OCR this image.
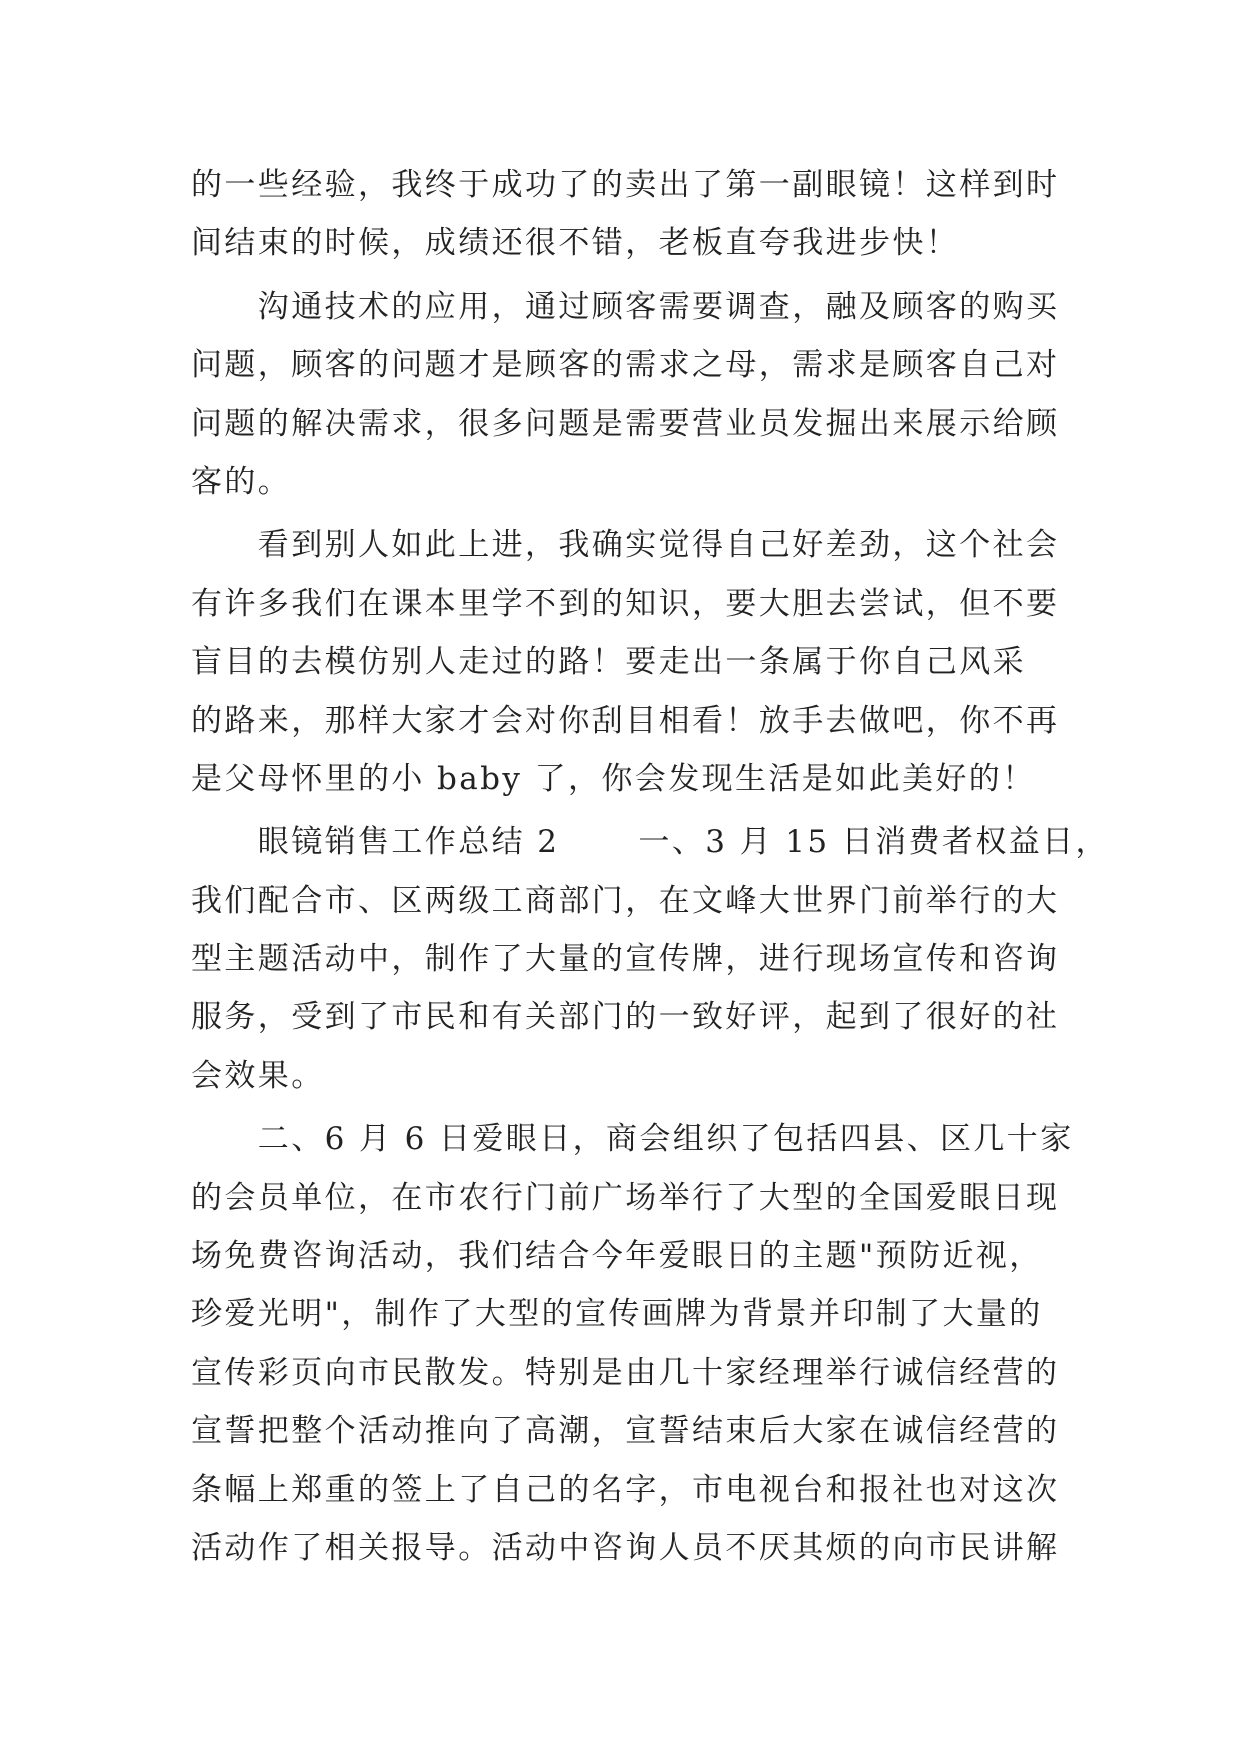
的一些经验，我终于成功了的卖出了第一副眼镜！这样到时
间结束的时候，成绩还很不错，老板直夸我进步快！
　　沟通技术的应用，通过顾客需要调查，融及顾客的购买
问题，顾客的问题才是顾客的需求之母，需求是顾客自己对
问题的解决需求，很多问题是需要营业员发掘出来展示给顾
客的。
　　看到别人如此上进，我确实觉得自己好差劲，这个社会
有许多我们在课本里学不到的知识，要大胆去尝试，但不要
盲目的去模仿别人走过的路！要走出一条属于你自己风采
的路来，那样大家才会对你刮目相看！放手去做吧，你不再
是父母怀里的小 baby 了，你会发现生活是如此美好的！
　　眼镜销售工作总结 2　　 一、3 月 15 日消费者权益日，
我们配合市、区两级工商部门，在文峰大世界门前举行的大
型主题活动中，制作了大量的宣传牌，进行现场宣传和咨询
服务，受到了市民和有关部门的一致好评，起到了很好的社
会效果。
　　二、6 月 6 日爱眼日，商会组织了包括四县、区几十家
的会员单位，在市农行门前广场举行了大型的全国爱眼日现
场免费咨询活动，我们结合今年爱眼日的主题"预防近视，
珍爱光明"，制作了大型的宣传画牌为背景并印制了大量的
宣传彩页向市民散发。特别是由几十家经理举行诚信经营的
宣誓把整个活动推向了高潮，宣誓结束后大家在诚信经营的
条幅上郑重的签上了自己的名字，市电视台和报社也对这次
活动作了相关报导。活动中咨询人员不厌其烦的向市民讲解
